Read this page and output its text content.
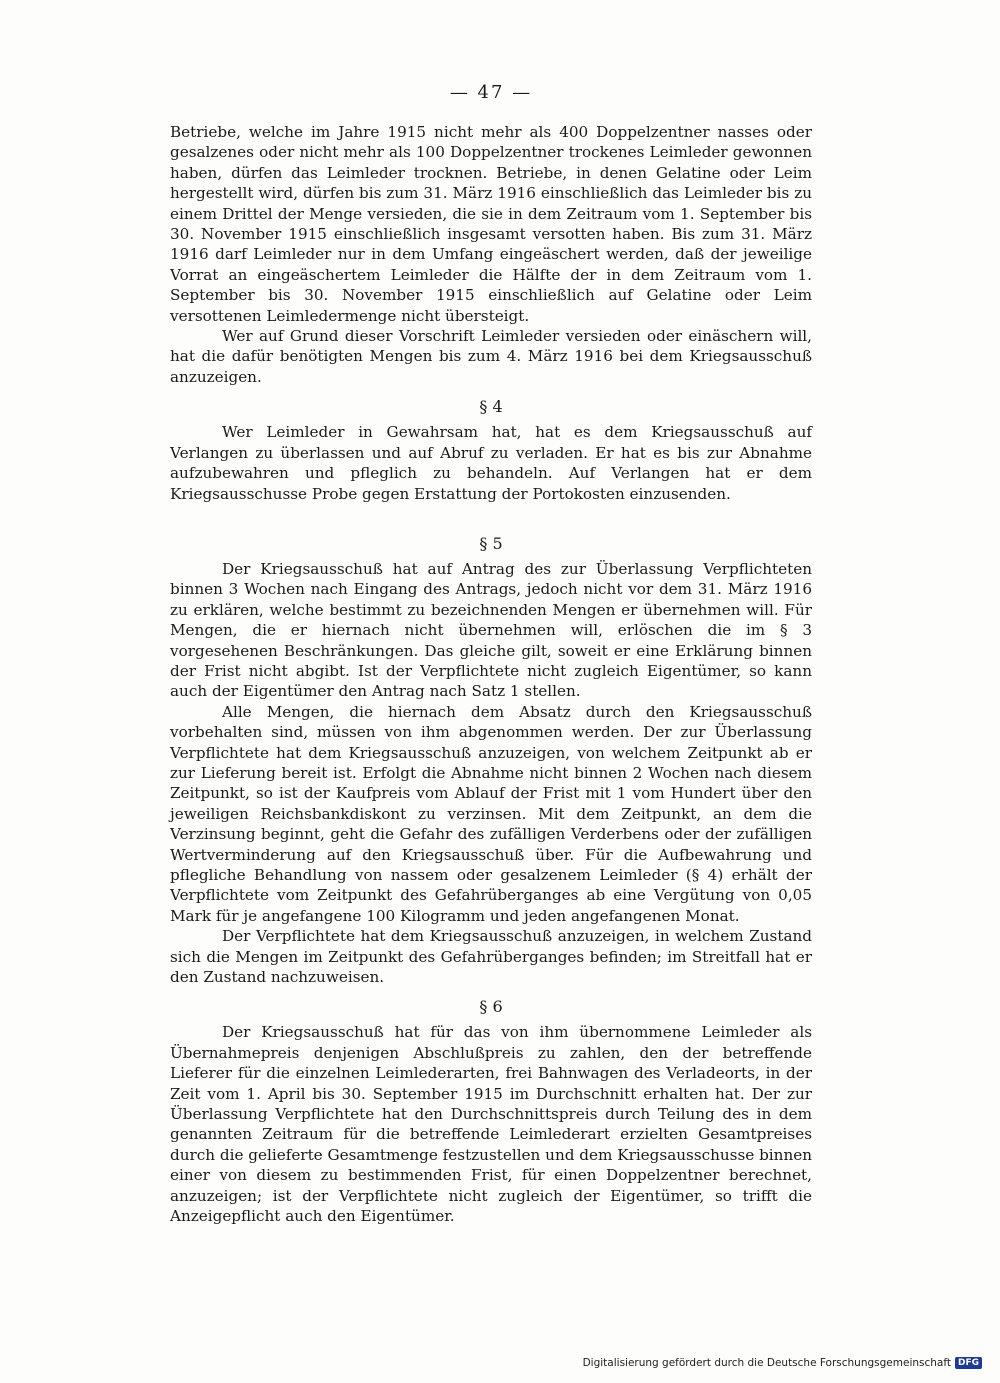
— 47 —

Betriebe, welche im Jahre 1915 nicht mehr als 400 Doppelzentner nasses oder gesalzenes oder nicht mehr als 100 Doppelzentner trockenes Leimleder gewonnen haben, dürfen das Leimleder trocknen. Betriebe, in denen Gelatine oder Leim hergestellt wird, dürfen bis zum 31. März 1916 einschließlich das Leimleder bis zu einem Drittel der Menge versieden, die sie in dem Zeitraum vom 1. September bis 30. November 1915 einschließlich insgesamt versotten haben. Bis zum 31. März 1916 darf Leimleder nur in dem Umfang eingeäschert werden, daß der jeweilige Vorrat an eingeäschertem Leimleder die Hälfte der in dem Zeitraum vom 1. September bis 30. November 1915 einschließlich auf Gelatine oder Leim versottenen Leimledermenge nicht übersteigt.

Wer auf Grund dieser Vorschrift Leimleder versieden oder einäschern will, hat die dafür benötigten Mengen bis zum 4. März 1916 bei dem Kriegsausschuß anzuzeigen.

§ 4

Wer Leimleder in Gewahrsam hat, hat es dem Kriegsausschuß auf Verlangen zu überlassen und auf Abruf zu verladen. Er hat es bis zur Abnahme aufzubewahren und pfleglich zu behandeln. Auf Verlangen hat er dem Kriegsausschusse Probe gegen Erstattung der Portokosten einzusenden.

§ 5

Der Kriegsausschuß hat auf Antrag des zur Überlassung Verpflichteten binnen 3 Wochen nach Eingang des Antrags, jedoch nicht vor dem 31. März 1916 zu erklären, welche bestimmt zu bezeichnenden Mengen er übernehmen will. Für Mengen, die er hiernach nicht übernehmen will, erlöschen die im § 3 vorgesehenen Beschränkungen. Das gleiche gilt, soweit er eine Erklärung binnen der Frist nicht abgibt. Ist der Verpflichtete nicht zugleich Eigentümer, so kann auch der Eigentümer den Antrag nach Satz 1 stellen.

Alle Mengen, die hiernach dem Absatz durch den Kriegsausschuß vorbehalten sind, müssen von ihm abgenommen werden. Der zur Überlassung Verpflichtete hat dem Kriegsausschuß anzuzeigen, von welchem Zeitpunkt ab er zur Lieferung bereit ist. Erfolgt die Abnahme nicht binnen 2 Wochen nach diesem Zeitpunkt, so ist der Kaufpreis vom Ablauf der Frist mit 1 vom Hundert über den jeweiligen Reichsbankdiskont zu verzinsen. Mit dem Zeitpunkt, an dem die Verzinsung beginnt, geht die Gefahr des zufälligen Verderbens oder der zufälligen Wertverminderung auf den Kriegsausschuß über. Für die Aufbewahrung und pflegliche Behandlung von nassem oder gesalzenem Leimleder (§ 4) erhält der Verpflichtete vom Zeitpunkt des Gefahrüberganges ab eine Vergütung von 0,05 Mark für je angefangene 100 Kilogramm und jeden angefangenen Monat.

Der Verpflichtete hat dem Kriegsausschuß anzuzeigen, in welchem Zustand sich die Mengen im Zeitpunkt des Gefahrüberganges befinden; im Streitfall hat er den Zustand nachzuweisen.

§ 6

Der Kriegsausschuß hat für das von ihm übernommene Leimleder als Übernahmepreis denjenigen Abschlußpreis zu zahlen, den der betreffende Lieferer für die einzelnen Leimlederarten, frei Bahnwagen des Verladeorts, in der Zeit vom 1. April bis 30. September 1915 im Durchschnitt erhalten hat. Der zur Überlassung Verpflichtete hat den Durchschnittspreis durch Teilung des in dem genannten Zeitraum für die betreffende Leimlederart erzielten Gesamtpreises durch die gelieferte Gesamtmenge festzustellen und dem Kriegsausschusse binnen einer von diesem zu bestimmenden Frist, für einen Doppelzentner berechnet, anzuzeigen; ist der Verpflichtete nicht zugleich der Eigentümer, so trifft die Anzeigepflicht auch den Eigentümer.

Digitalisierung gefördert durch die Deutsche Forschungsgemeinschaft DFG
